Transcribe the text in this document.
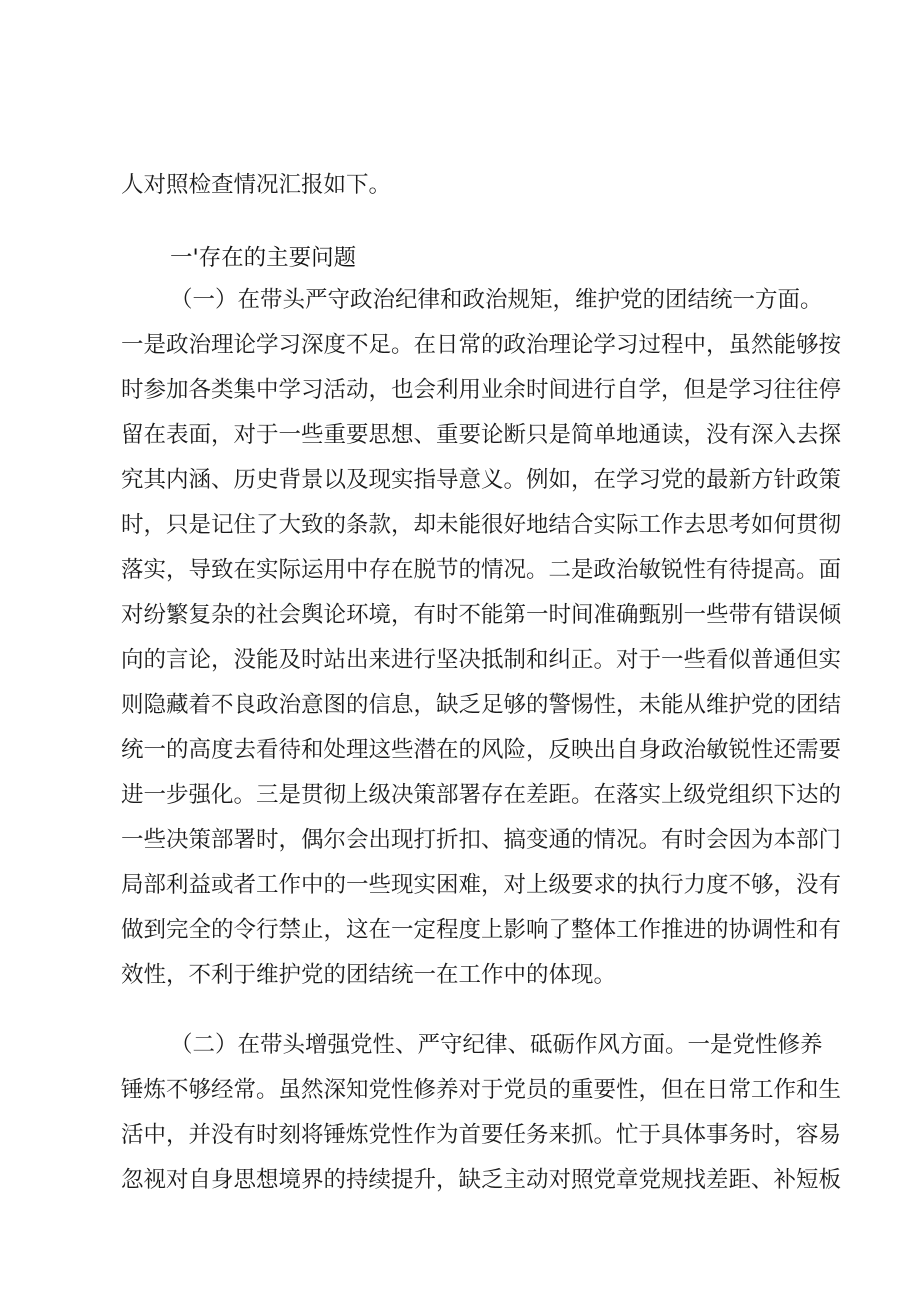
人对照检查情况汇报如下。
一'存在的主要问题
（一）在带头严守政治纪律和政治规矩，维护党的团结统一方面。
一是政治理论学习深度不足。在日常的政治理论学习过程中，虽然能够按
时参加各类集中学习活动，也会利用业余时间进行自学，但是学习往往停
留在表面，对于一些重要思想、重要论断只是简单地通读，没有深入去探
究其内涵、历史背景以及现实指导意义。例如，在学习党的最新方针政策
时，只是记住了大致的条款，却未能很好地结合实际工作去思考如何贯彻
落实，导致在实际运用中存在脱节的情况。二是政治敏锐性有待提高。面
对纷繁复杂的社会舆论环境，有时不能第一时间准确甄别一些带有错误倾
向的言论，没能及时站出来进行坚决抵制和纠正。对于一些看似普通但实
则隐藏着不良政治意图的信息，缺乏足够的警惕性，未能从维护党的团结
统一的高度去看待和处理这些潜在的风险，反映出自身政治敏锐性还需要
进一步强化。三是贯彻上级决策部署存在差距。在落实上级党组织下达的
一些决策部署时，偶尔会出现打折扣、搞变通的情况。有时会因为本部门
局部利益或者工作中的一些现实困难，对上级要求的执行力度不够，没有
做到完全的令行禁止，这在一定程度上影响了整体工作推进的协调性和有
效性，不利于维护党的团结统一在工作中的体现。
（二）在带头增强党性、严守纪律、砥砺作风方面。一是党性修养
锤炼不够经常。虽然深知党性修养对于党员的重要性，但在日常工作和生
活中，并没有时刻将锤炼党性作为首要任务来抓。忙于具体事务时，容易
忽视对自身思想境界的持续提升，缺乏主动对照党章党规找差距、补短板
